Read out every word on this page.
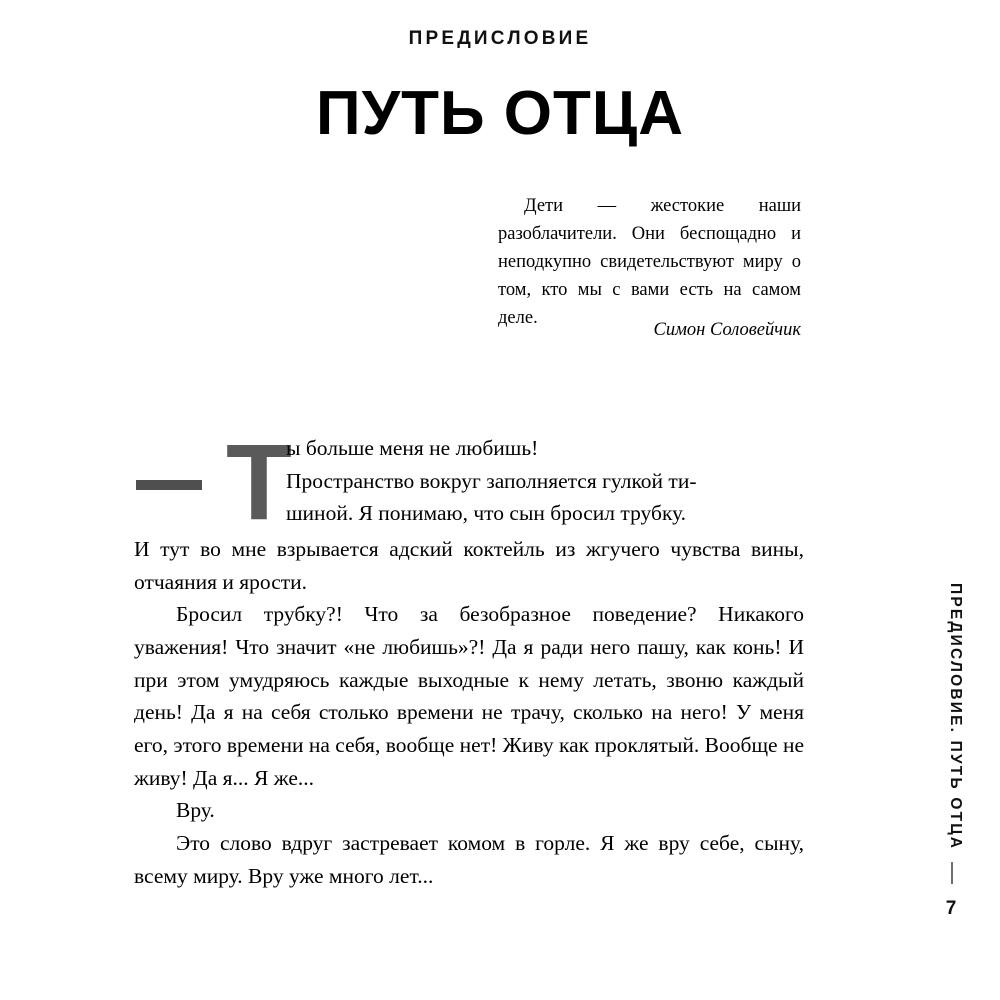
ПРЕДИСЛОВИЕ
ПУТЬ ОТЦА
Дети — жестокие наши разоблачители. Они беспощадно и неподкупно свидетельствуют миру о том, кто мы с вами есть на самом деле.
Симон Соловейчик
Т
ы больше меня не любишь!
Пространство вокруг заполняется гулкой ти-
шиной. Я понимаю, что сын бросил трубку.

И тут во мне взрывается адский коктейль из жгучего чувства вины, отчаяния и ярости.

Бросил трубку?! Что за безобразное поведение? Никакого уважения! Что значит «не любишь»?! Да я ради него пашу, как конь! И при этом умудряюсь каждые выходные к нему летать, звоню каждый день! Да я на себя столько времени не трачу, сколько на него! У меня его, этого времени на себя, вообще нет! Живу как проклятый. Вообще не живу! Да я... Я же...

Вру.

Это слово вдруг застревает комом в горле. Я же вру себе, сыну, всему миру. Вру уже много лет...

ПРЕДИСЛОВИЕ. ПУТЬ ОТЦА
7
